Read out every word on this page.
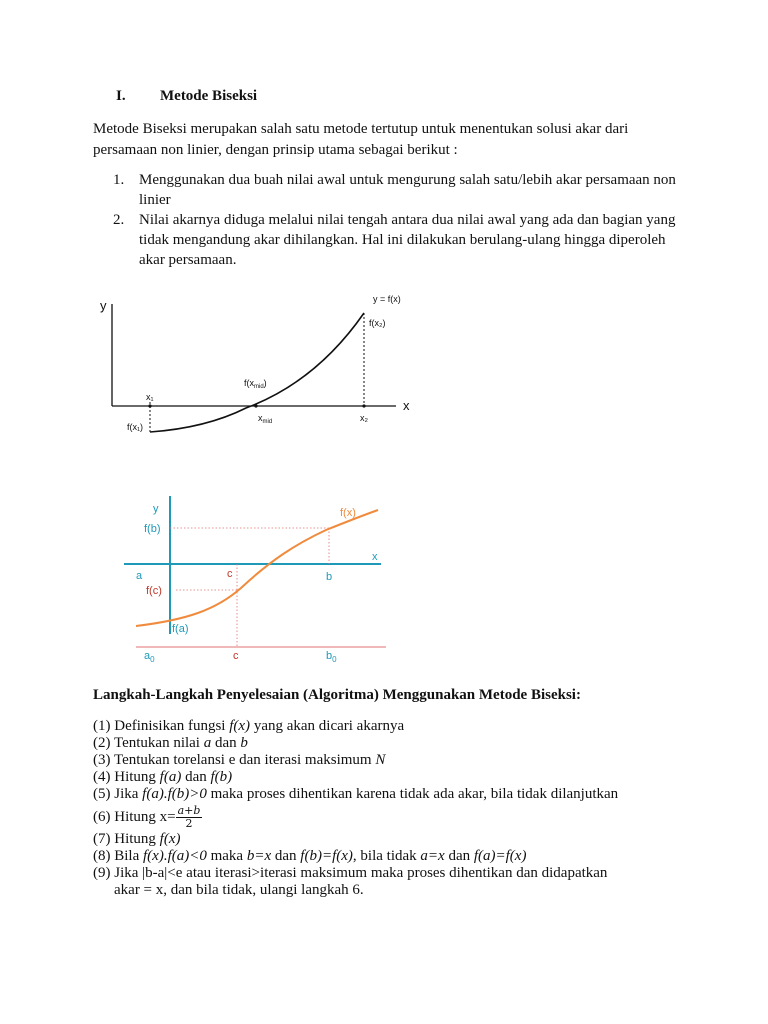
I. Metode Biseksi
Metode Biseksi merupakan salah satu metode tertutup untuk menentukan solusi akar dari persamaan non linier, dengan prinsip utama sebagai berikut :
1. Menggunakan dua buah nilai awal untuk mengurung salah satu/lebih akar persamaan non linier
2. Nilai akarnya diduga melalui nilai tengah antara dua nilai awal yang ada dan bagian yang tidak mengandung akar dihilangkan. Hal ini dilakukan berulang-ulang hingga diperoleh akar persamaan.
y
x
y = f(x)
f(x₂)
$f(x_{mid})$
x₁
$x_{mid}$	x₂
f(x₁)
y
x
f(x)
f(b)
f(c)
f(a)
a	c	b
$a_0$	c	$b_0$
Langkah-Langkah Penyelesaian (Algoritma) Menggunakan Metode Biseksi:
(1) Definisikan fungsi f(x) yang akan dicari akarnya
(2) Tentukan nilai a dan b
(3) Tentukan torelansi e dan iterasi maksimum N
(4) Hitung f(a) dan f(b)
(5) Jika f(a).f(b)>0 maka proses dihentikan karena tidak ada akar, bila tidak dilanjutkan
(6) Hitung $x= \frac{a+b}{2}$
(7) Hitung f(x)
(8) Bila f(x).f(a)<0 maka b=x dan f(b)=f(x), bila tidak a=x dan f(a)=f(x)
(9) Jika |b-a|<e atau iterasi>iterasi maksimum maka proses dihentikan dan didapatkan
akar = x, dan bila tidak, ulangi langkah 6.
